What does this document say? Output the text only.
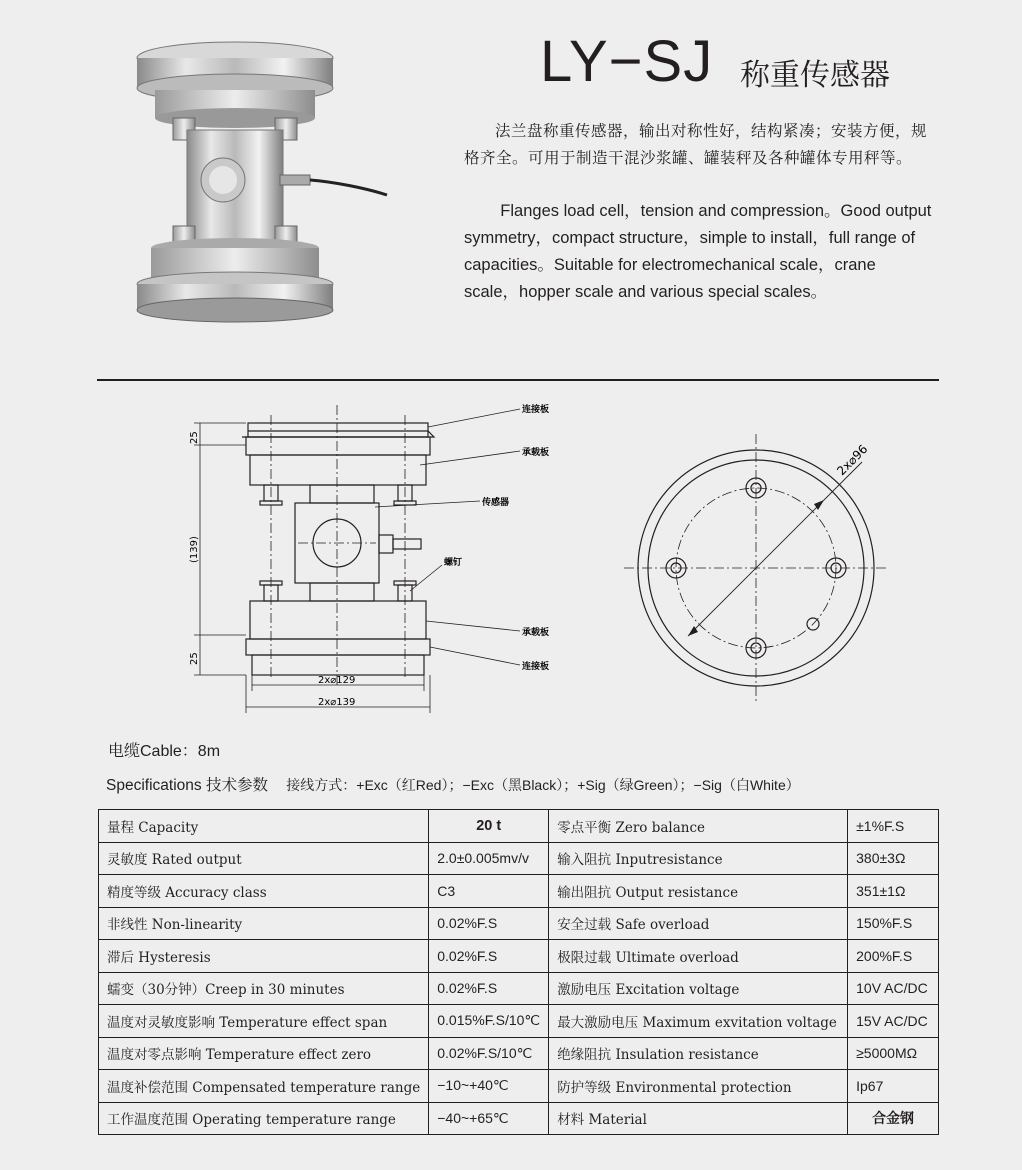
LY−SJ 称重传感器
法兰盘称重传感器，输出对称性好，结构紧凑；安装方便，规格齐全。可用于制造干混沙浆罐、罐装秤及各种罐体专用秤等。
Flanges load cell，tension and compression。Good output symmetry，compact structure，simple to install，full range of capacities。Suitable for electromechanical scale，crane scale，hopper scale and various special scales。
连接板
承载板
传感器
螺钉
承载板
连接板
25
(139)
25
2x⌀129
2x⌀139
2x⌀96
电缆Cable：8m
Specifications 技术参数 接线方式：+Exc（红Red）；−Exc（黑Black）；+Sig（绿Green）；−Sig（白White）
量程 Capacity	20 t	零点平衡 Zero balance	±1%F.S
灵敏度 Rated output	2.0±0.005mv/v	输入阻抗 Inputresistance	380±3Ω
精度等级 Accuracy class	C3	输出阻抗 Output resistance	351±1Ω
非线性 Non-linearity	0.02%F.S	安全过载 Safe overload	150%F.S
滞后 Hysteresis	0.02%F.S	极限过载 Ultimate overload	200%F.S
蠕变（30分钟）Creep in 30 minutes	0.02%F.S	激励电压 Excitation voltage	10V AC/DC
温度对灵敏度影响 Temperature effect span	0.015%F.S/10℃	最大激励电压 Maximum exvitation voltage	15V AC/DC
温度对零点影响 Temperature effect zero	0.02%F.S/10℃	绝缘阻抗 Insulation resistance	≥5000MΩ
温度补偿范围 Compensated temperature range	−10~+40℃	防护等级 Environmental protection	Ip67
工作温度范围 Operating temperature range	−40~+65℃	材料 Material	合金钢
